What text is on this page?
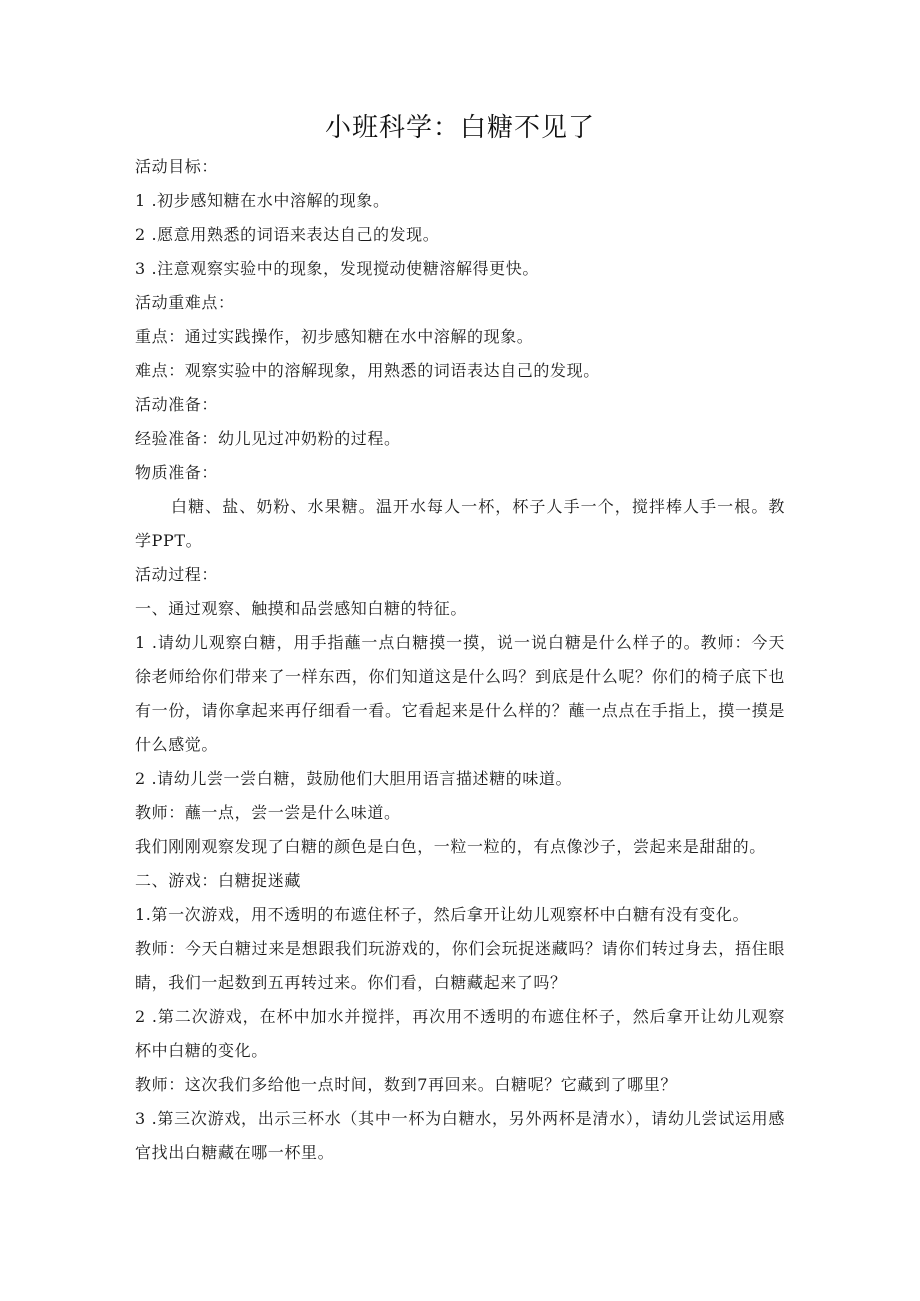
小班科学：白糖不见了

活动目标：

1 .初步感知糖在水中溶解的现象。

2 .愿意用熟悉的词语来表达自己的发现。

3 .注意观察实验中的现象，发现搅动使糖溶解得更快。

活动重难点：

重点：通过实践操作，初步感知糖在水中溶解的现象。

难点：观察实验中的溶解现象，用熟悉的词语表达自己的发现。

活动准备：

经验准备：幼儿见过冲奶粉的过程。

物质准备：

白糖、盐、奶粉、水果糖。温开水每人一杯，杯子人手一个，搅拌棒人手一根。教学PPT。

活动过程：

一、通过观察、触摸和品尝感知白糖的特征。

1 .请幼儿观察白糖，用手指蘸一点白糖摸一摸，说一说白糖是什么样子的。教师：今天徐老师给你们带来了一样东西，你们知道这是什么吗？到底是什么呢？你们的椅子底下也有一份，请你拿起来再仔细看一看。它看起来是什么样的？蘸一点点在手指上，摸一摸是什么感觉。

2 .请幼儿尝一尝白糖，鼓励他们大胆用语言描述糖的味道。

教师：蘸一点，尝一尝是什么味道。

我们刚刚观察发现了白糖的颜色是白色，一粒一粒的，有点像沙子，尝起来是甜甜的。

二、游戏：白糖捉迷藏

1.第一次游戏，用不透明的布遮住杯子，然后拿开让幼儿观察杯中白糖有没有变化。

教师：今天白糖过来是想跟我们玩游戏的，你们会玩捉迷藏吗？请你们转过身去，捂住眼睛，我们一起数到五再转过来。你们看，白糖藏起来了吗？

2 .第二次游戏，在杯中加水并搅拌，再次用不透明的布遮住杯子，然后拿开让幼儿观察杯中白糖的变化。

教师：这次我们多给他一点时间，数到7再回来。白糖呢？它藏到了哪里？

3 .第三次游戏，出示三杯水（其中一杯为白糖水，另外两杯是清水），请幼儿尝试运用感官找出白糖藏在哪一杯里。
